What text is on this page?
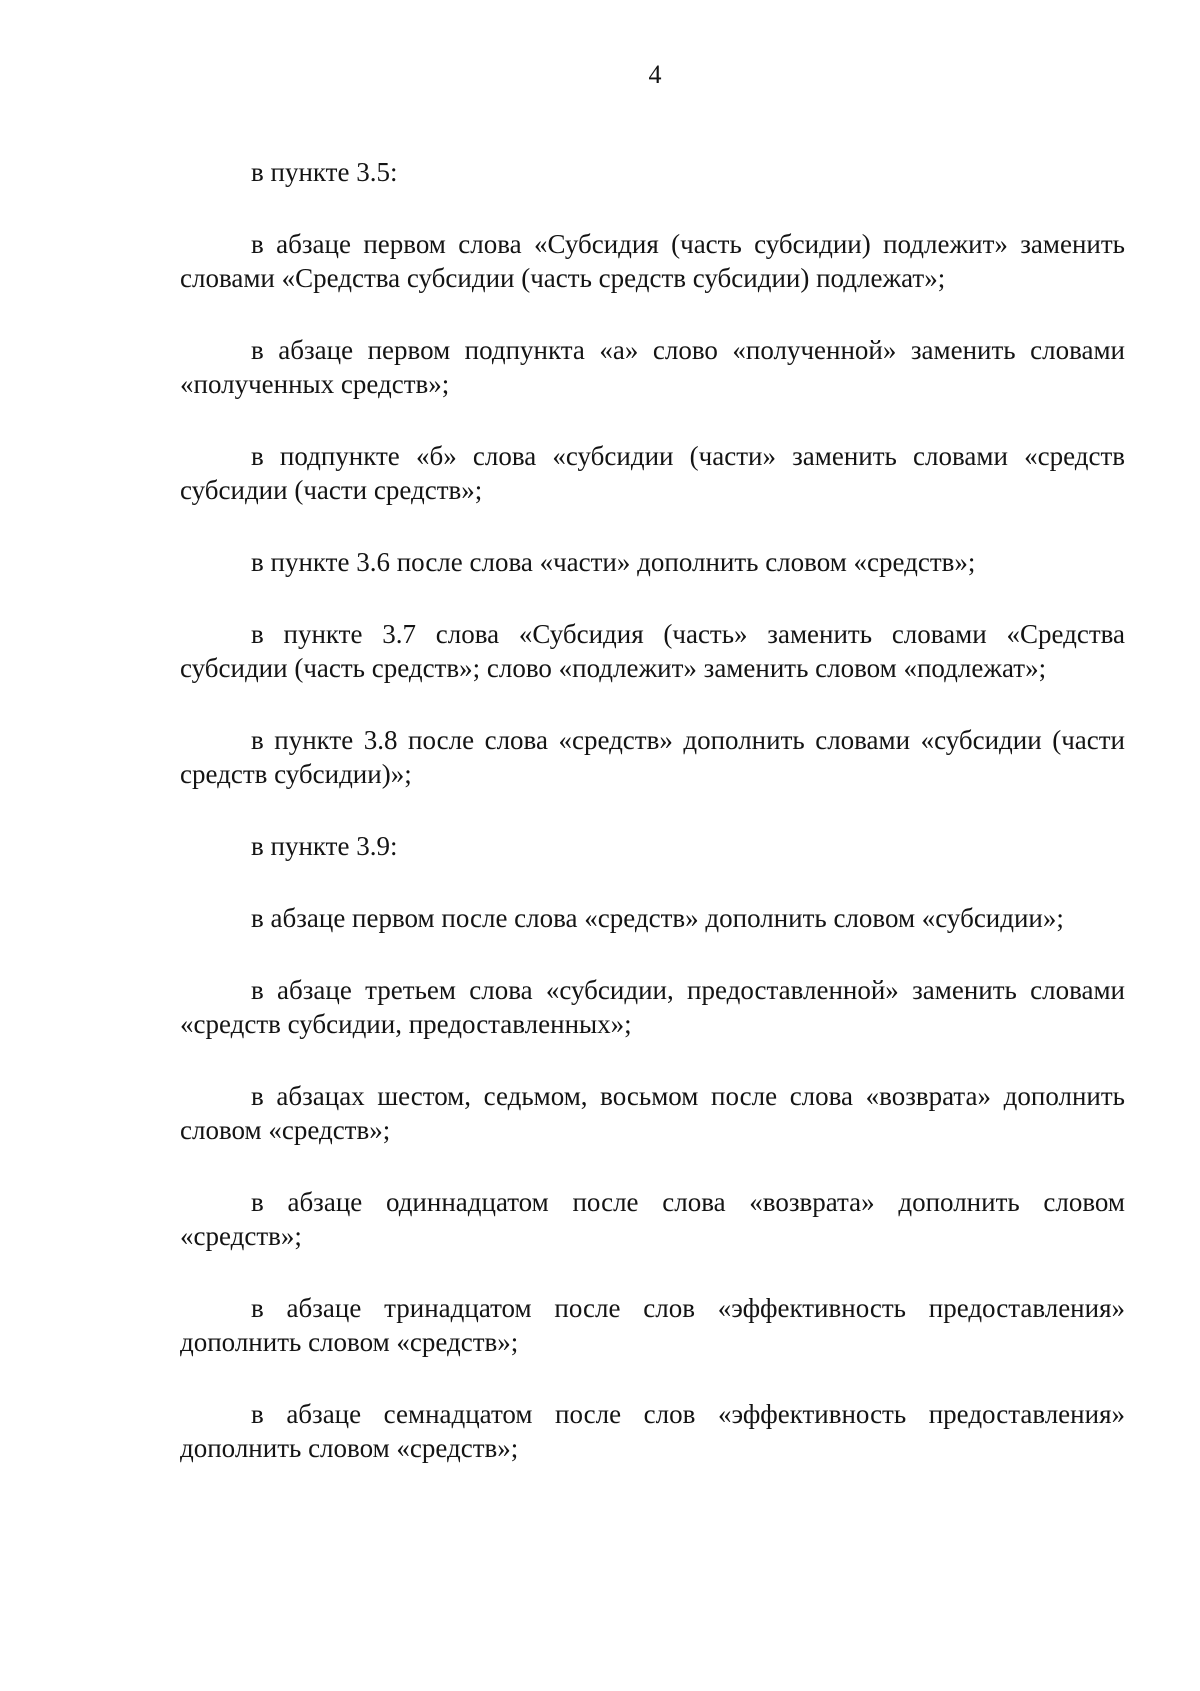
4

в пункте 3.5:

в абзаце первом слова «Субсидия (часть субсидии) подлежит» заменить словами «Средства субсидии (часть средств субсидии) подлежат»;

в абзаце первом подпункта «а» слово «полученной» заменить словами «полученных средств»;

в подпункте «б» слова «субсидии (части» заменить словами «средств субсидии (части средств»;

в пункте 3.6 после слова «части» дополнить словом «средств»;

в пункте 3.7 слова «Субсидия (часть» заменить словами «Средства субсидии (часть средств»; слово «подлежит» заменить словом «подлежат»;

в пункте 3.8 после слова «средств» дополнить словами «субсидии (части средств субсидии)»;

в пункте 3.9:

в абзаце первом после слова «средств» дополнить словом «субсидии»;

в абзаце третьем слова «субсидии, предоставленной» заменить словами «средств субсидии, предоставленных»;

в абзацах шестом, седьмом, восьмом после слова «возврата» дополнить словом «средств»;

в абзаце одиннадцатом после слова «возврата» дополнить словом «средств»;

в абзаце тринадцатом после слов «эффективность предоставления» дополнить словом «средств»;

в абзаце семнадцатом после слов «эффективность предоставления» дополнить словом «средств»;
